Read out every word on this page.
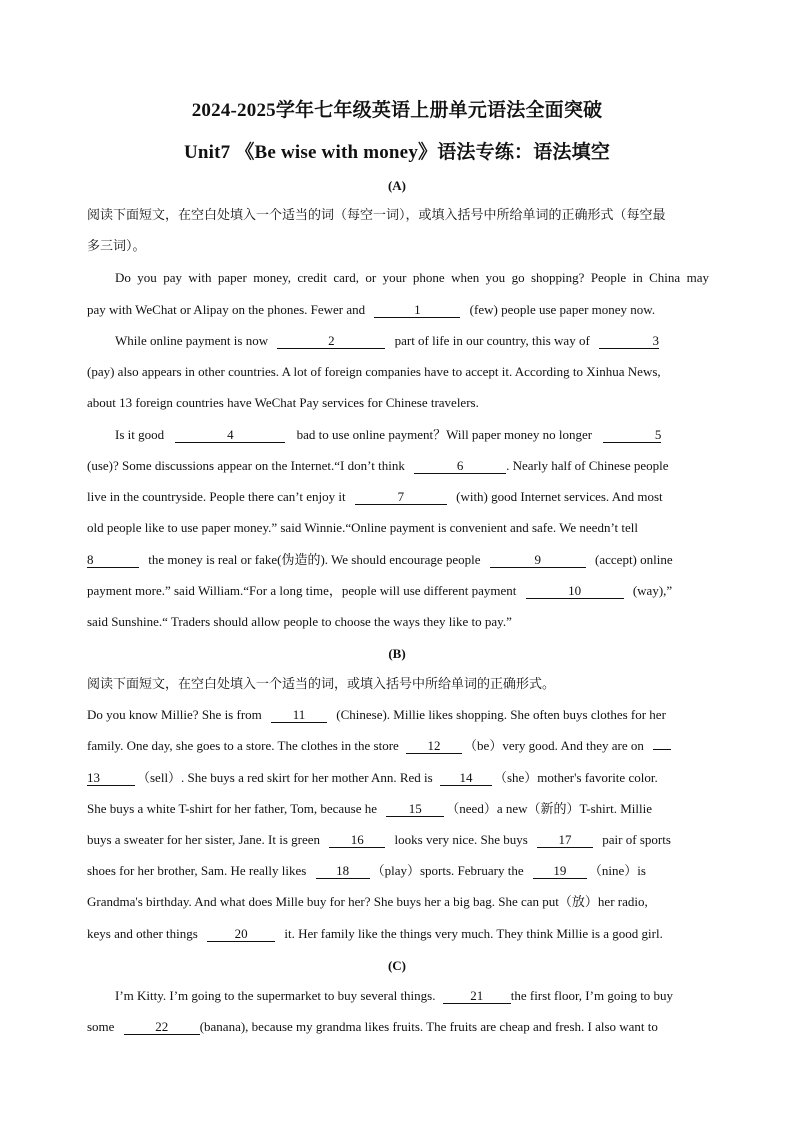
2024-2025学年七年级英语上册单元语法全面突破
Unit7 《Be wise with money》语法专练：语法填空
(A)
阅读下面短文，在空白处填入一个适当的词（每空一词），或填入括号中所给单词的正确形式（每空最
多三词）。
Do you pay with paper money, credit card, or your phone when you go shopping? People in China may
pay with WeChat or Alipay on the phones. Fewer and	1	(few) people use paper money now.
While online payment is now	2	part of life in our country, this way of	3
(pay) also appears in other countries. A lot of foreign companies have to accept it. According to Xinhua News,
about 13 foreign countries have WeChat Pay services for Chinese travelers.
Is it good	4	bad to use online payment？Will paper money no longer	5
(use)? Some discussions appear on the Internet.“I don’t think	6	. Nearly half of Chinese people
live in the countryside. People there can’t enjoy it	7	(with) good Internet services. And most
old people like to use paper money.” said Winnie.“Online payment is convenient and safe. We needn’t tell
8	the money is real or fake(伪造的). We should encourage people	9	(accept) online
payment more.” said William.“For a long time，people will use different payment	10	(way),”
said Sunshine.“ Traders should allow people to choose the ways they like to pay.”
(B)
阅读下面短文，在空白处填入一个适当的词，或填入括号中所给单词的正确形式。
Do you know Millie? She is from 11 (Chinese). Millie likes shopping. She often buys clothes for her
family. One day, she goes to a store. The clothes in the store 12 （be）very good. And they are on
13	（sell）. She buys a red skirt for her mother Ann. Red is 14 （she）mother's favorite color.
She buys a white T-shirt for her father, Tom, because he 15 （need）a new（新的）T-shirt. Millie
buys a sweater for her sister, Jane. It is green 16 looks very nice. She buys 17 pair of sports
shoes for her brother, Sam. He really likes 18 （play）sports. February the 19 （nine）is
Grandma's birthday. And what does Mille buy for her? She buys her a big bag. She can put（放）her radio,
keys and other things	20	it. Her family like the things very much. They think Millie is a good girl.
(C)
I’m Kitty. I’m going to the supermarket to buy several things.	21 the first floor, I’m going to buy
some	22 (banana), because my grandma likes fruits. The fruits are cheap and fresh. I also want to
